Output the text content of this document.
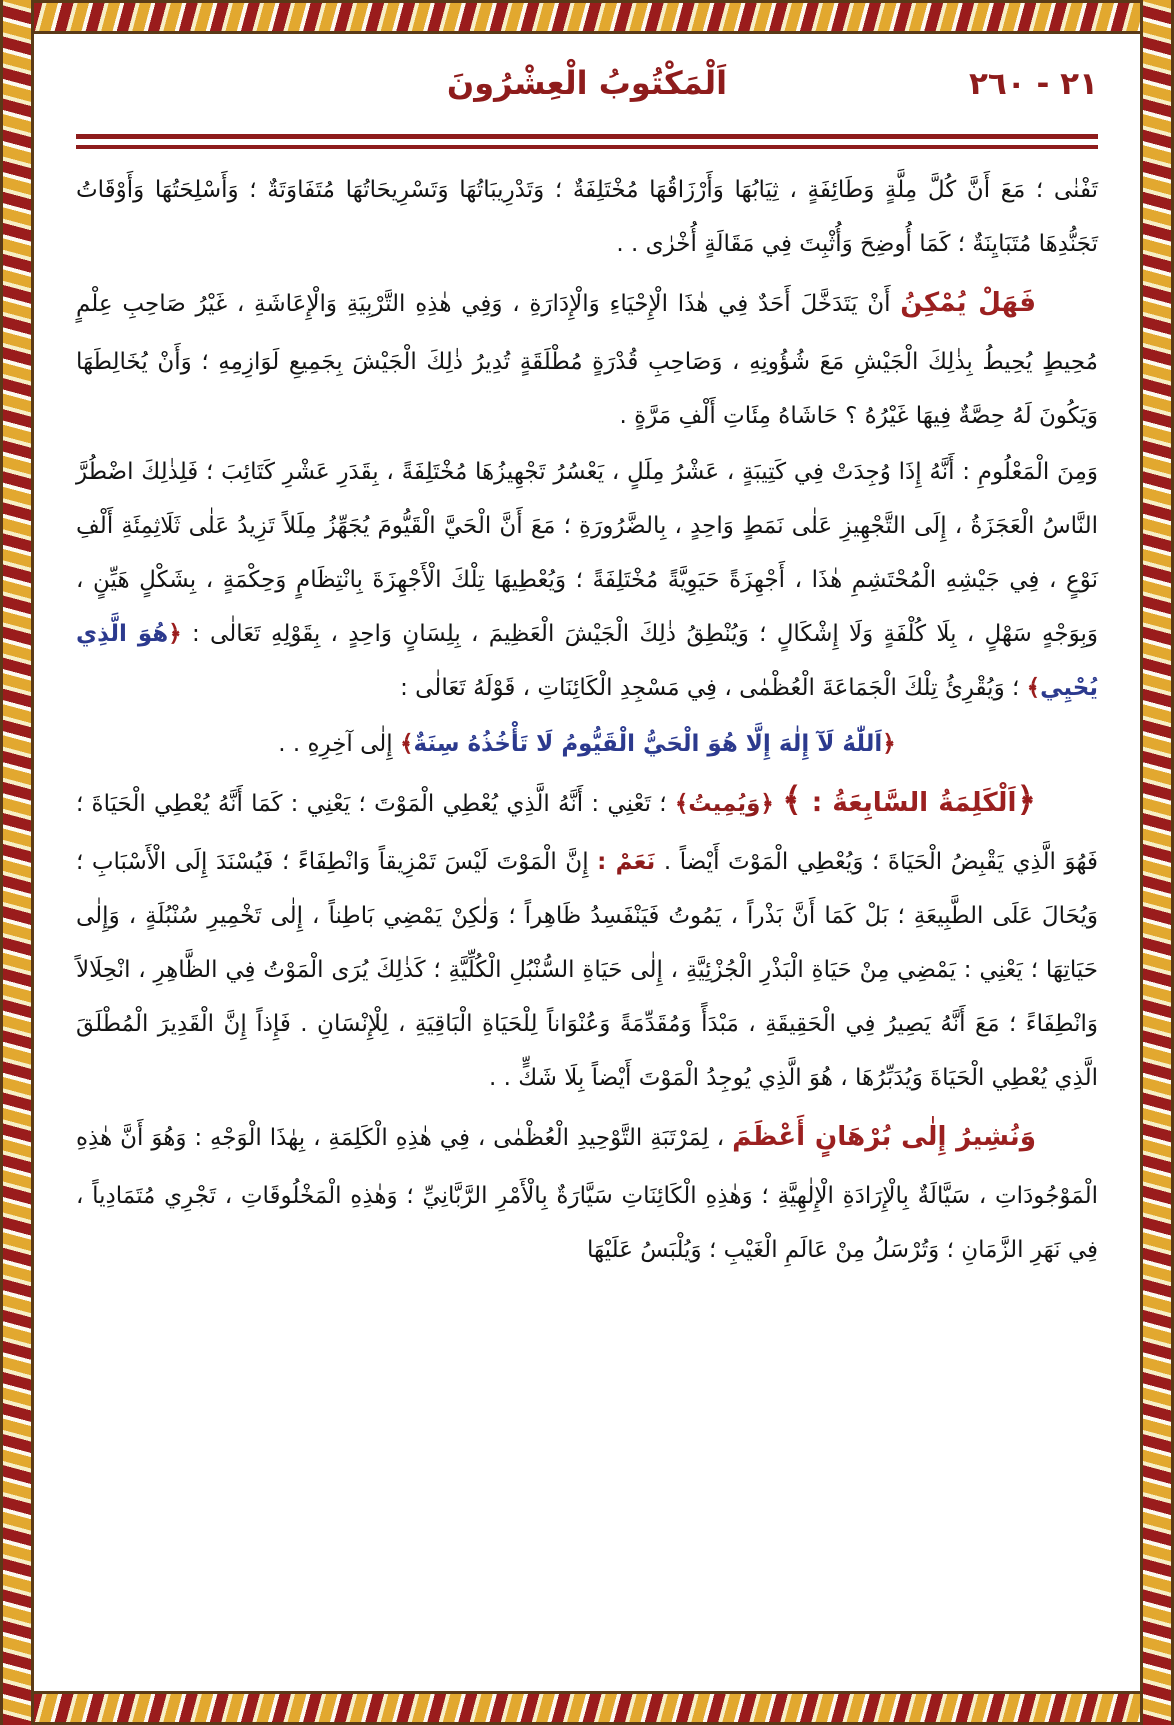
٢٦٠ - ٢١
اَلْمَكْتُوبُ الْعِشْرُونَ

تَفْنٰى ؛ مَعَ أَنَّ كُلَّ مِلَّةٍ وَطَائِفَةٍ ، ثِيَابُهَا وَأَرْزَاقُهَا مُخْتَلِفَةٌ ؛ وَتَدْرِيبَاتُهَا وَتَسْرِيحَاتُهَا مُتَفَاوَتَةٌ ؛ وَأَسْلِحَتُهَا وَأَوْقَاتُ تَجَنُّدِهَا مُتَبَايِنَةٌ ؛ كَمَا أُوضِحَ وَأُثْبِتَ فِي مَقَالَةٍ أُخْرٰى . .

فَهَلْ يُمْكِنُ أَنْ يَتَدَخَّلَ أَحَدٌ فِي هٰذَا الْإِحْيَاءِ وَالْإِدَارَةِ ، وَفِي هٰذِهِ التَّرْبِيَةِ وَالْإِعَاشَةِ ، غَيْرُ صَاحِبِ عِلْمٍ مُحِيطٍ يُحِيطُ بِذٰلِكَ الْجَيْشِ مَعَ شُؤُونِهِ ، وَصَاحِبِ قُدْرَةٍ مُطْلَقَةٍ تُدِيرُ ذٰلِكَ الْجَيْشَ بِجَمِيعِ لَوَازِمِهِ ؛ وَأَنْ يُخَالِطَهَا وَيَكُونَ لَهُ حِصَّةٌ فِيهَا غَيْرُهُ ؟ حَاشَاهُ مِئَاتِ أَلْفِ مَرَّةٍ .

وَمِنَ الْمَعْلُومِ : أَنَّهُ إِذَا وُجِدَتْ فِي كَتِيبَةٍ ، عَشْرُ مِلَلٍ ، يَعْسُرُ تَجْهِيزُهَا مُخْتَلِفَةً ، بِقَدَرِ عَشْرِ كَتَائِبَ ؛ فَلِذٰلِكَ اضْطُرَّ النَّاسُ الْعَجَزَةُ ، إِلَى التَّجْهِيزِ عَلٰى نَمَطٍ وَاحِدٍ ، بِالضَّرُورَةِ ؛ مَعَ أَنَّ الْحَيَّ الْقَيُّومَ يُجَهِّزُ مِلَلاً تَزِيدُ عَلٰى ثَلَاثِمِئَةِ أَلْفِ نَوْعٍ ، فِي جَيْشِهِ الْمُحْتَشِمِ هٰذَا ، أَجْهِزَةً حَيَوِيَّةً مُخْتَلِفَةً ؛ وَيُعْطِيهَا تِلْكَ الْأَجْهِزَةَ بِانْتِظَامٍ وَحِكْمَةٍ ، بِشَكْلٍ هَيِّنٍ ، وَبِوَجْهٍ سَهْلٍ ، بِلَا كُلْفَةٍ وَلَا إِشْكَالٍ ؛ وَيُنْطِقُ ذٰلِكَ الْجَيْشَ الْعَظِيمَ ، بِلِسَانٍ وَاحِدٍ ، بِقَوْلِهِ تَعَالٰى : ﴿هُوَ الَّذِي يُحْيِي﴾ ؛ وَيُقْرِئُ تِلْكَ الْجَمَاعَةَ الْعُظْمٰى ، فِي مَسْجِدِ الْكَائِنَاتِ ، قَوْلَهُ تَعَالٰى :

﴿اَللّٰهُ لَآ إِلٰهَ إِلَّا هُوَ الْحَيُّ الْقَيُّومُ لَا تَأْخُذُهُ سِنَةٌ﴾ إِلٰى آخِرِهِ . .

﴿اَلْكَلِمَةُ السَّابِعَةُ : ﴾ ﴿وَيُمِيتُ﴾ ؛ تَعْنِي : أَنَّهُ الَّذِي يُعْطِي الْمَوْتَ ؛ يَعْنِي : كَمَا أَنَّهُ يُعْطِي الْحَيَاةَ ؛ فَهُوَ الَّذِي يَقْبِضُ الْحَيَاةَ ؛ وَيُعْطِي الْمَوْتَ أَيْضاً . نَعَمْ : إِنَّ الْمَوْتَ لَيْسَ تَمْزِيقاً وَانْطِفَاءً ؛ فَيُسْنَدَ إِلَى الْأَسْبَابِ ؛ وَيُحَالَ عَلَى الطَّبِيعَةِ ؛ بَلْ كَمَا أَنَّ بَذْراً ، يَمُوتُ فَيَنْفَسِدُ ظَاهِراً ؛ وَلٰكِنْ يَمْضِي بَاطِناً ، إِلٰى تَخْمِيرِ سُنْبُلَةٍ ، وَإِلٰى حَيَاتِهَا ؛ يَعْنِي : يَمْضِي مِنْ حَيَاةِ الْبَذْرِ الْجُزْئِيَّةِ ، إِلٰى حَيَاةِ السُّنْبُلِ الْكُلِّيَّةِ ؛ كَذٰلِكَ يُرَى الْمَوْتُ فِي الظَّاهِرِ ، انْحِلَالاً وَانْطِفَاءً ؛ مَعَ أَنَّهُ يَصِيرُ فِي الْحَقِيقَةِ ، مَبْدَأً وَمُقَدِّمَةً وَعُنْوَاناً لِلْحَيَاةِ الْبَاقِيَةِ ، لِلْإِنْسَانِ . فَإِذاً إِنَّ الْقَدِيرَ الْمُطْلَقَ الَّذِي يُعْطِي الْحَيَاةَ وَيُدَبِّرُهَا ، هُوَ الَّذِي يُوجِدُ الْمَوْتَ أَيْضاً بِلَا شَكٍّ . .

وَنُشِيرُ إِلٰى بُرْهَانٍ أَعْظَمَ ، لِمَرْتَبَةِ التَّوْحِيدِ الْعُظْمٰى ، فِي هٰذِهِ الْكَلِمَةِ ، بِهٰذَا الْوَجْهِ : وَهُوَ أَنَّ هٰذِهِ الْمَوْجُودَاتِ ، سَيَّالَةٌ بِالْإِرَادَةِ الْإِلٰهِيَّةِ ؛ وَهٰذِهِ الْكَائِنَاتِ سَيَّارَةٌ بِالْأَمْرِ الرَّبَّانِيِّ ؛ وَهٰذِهِ الْمَخْلُوقَاتِ ، تَجْرِي مُتَمَادِياً ، فِي نَهَرِ الزَّمَانِ ؛ وَتُرْسَلُ مِنْ عَالَمِ الْغَيْبِ ؛ وَيُلْبَسُ عَلَيْهَا
